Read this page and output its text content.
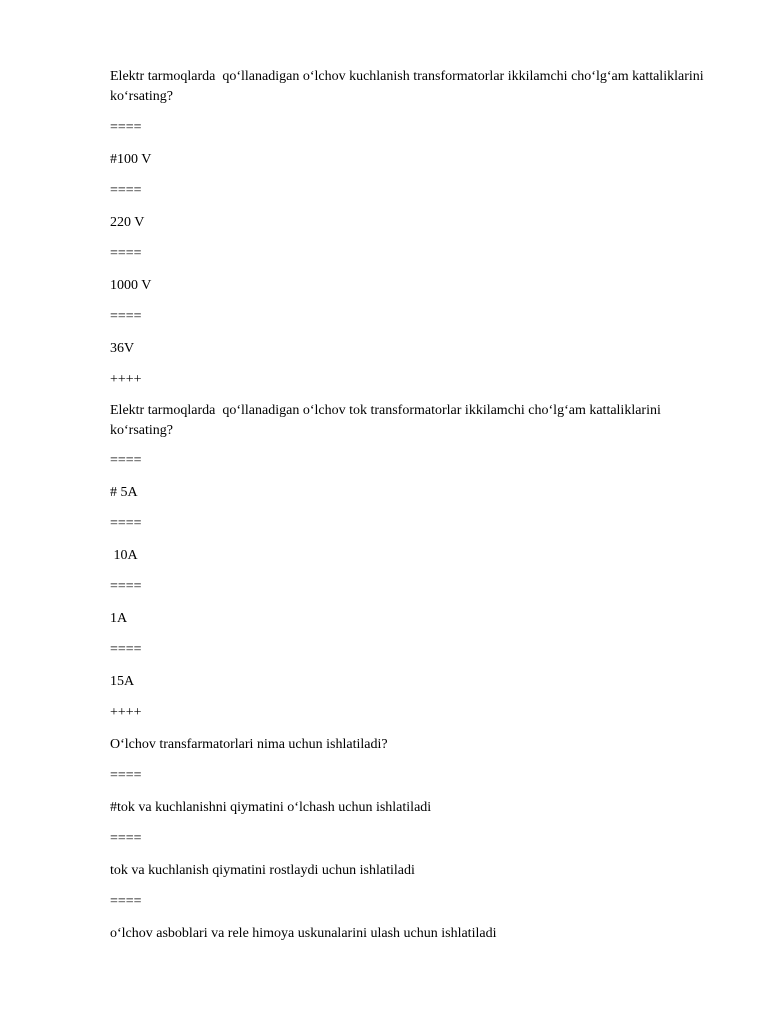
Elektr tarmoqlarda  qo‘llanadigan o‘lchov kuchlanish transformatorlar ikkilamchi cho‘lg‘am kattaliklarini ko‘rsating?

====

#100 V

====

220 V

====

1000 V

====

36V

++++

Elektr tarmoqlarda  qo‘llanadigan o‘lchov tok transformatorlar ikkilamchi cho‘lg‘am kattaliklarini ko‘rsating?

====

# 5A

====

10A

====

1A

====

15A

++++

O‘lchov transfarmatorlari nima uchun ishlatiladi?

====

#tok va kuchlanishni qiymatini o‘lchash uchun ishlatiladi

====

tok va kuchlanish qiymatini rostlaydi uchun ishlatiladi

====

o‘lchov asboblari va rele himoya uskunalarini ulash uchun ishlatiladi
